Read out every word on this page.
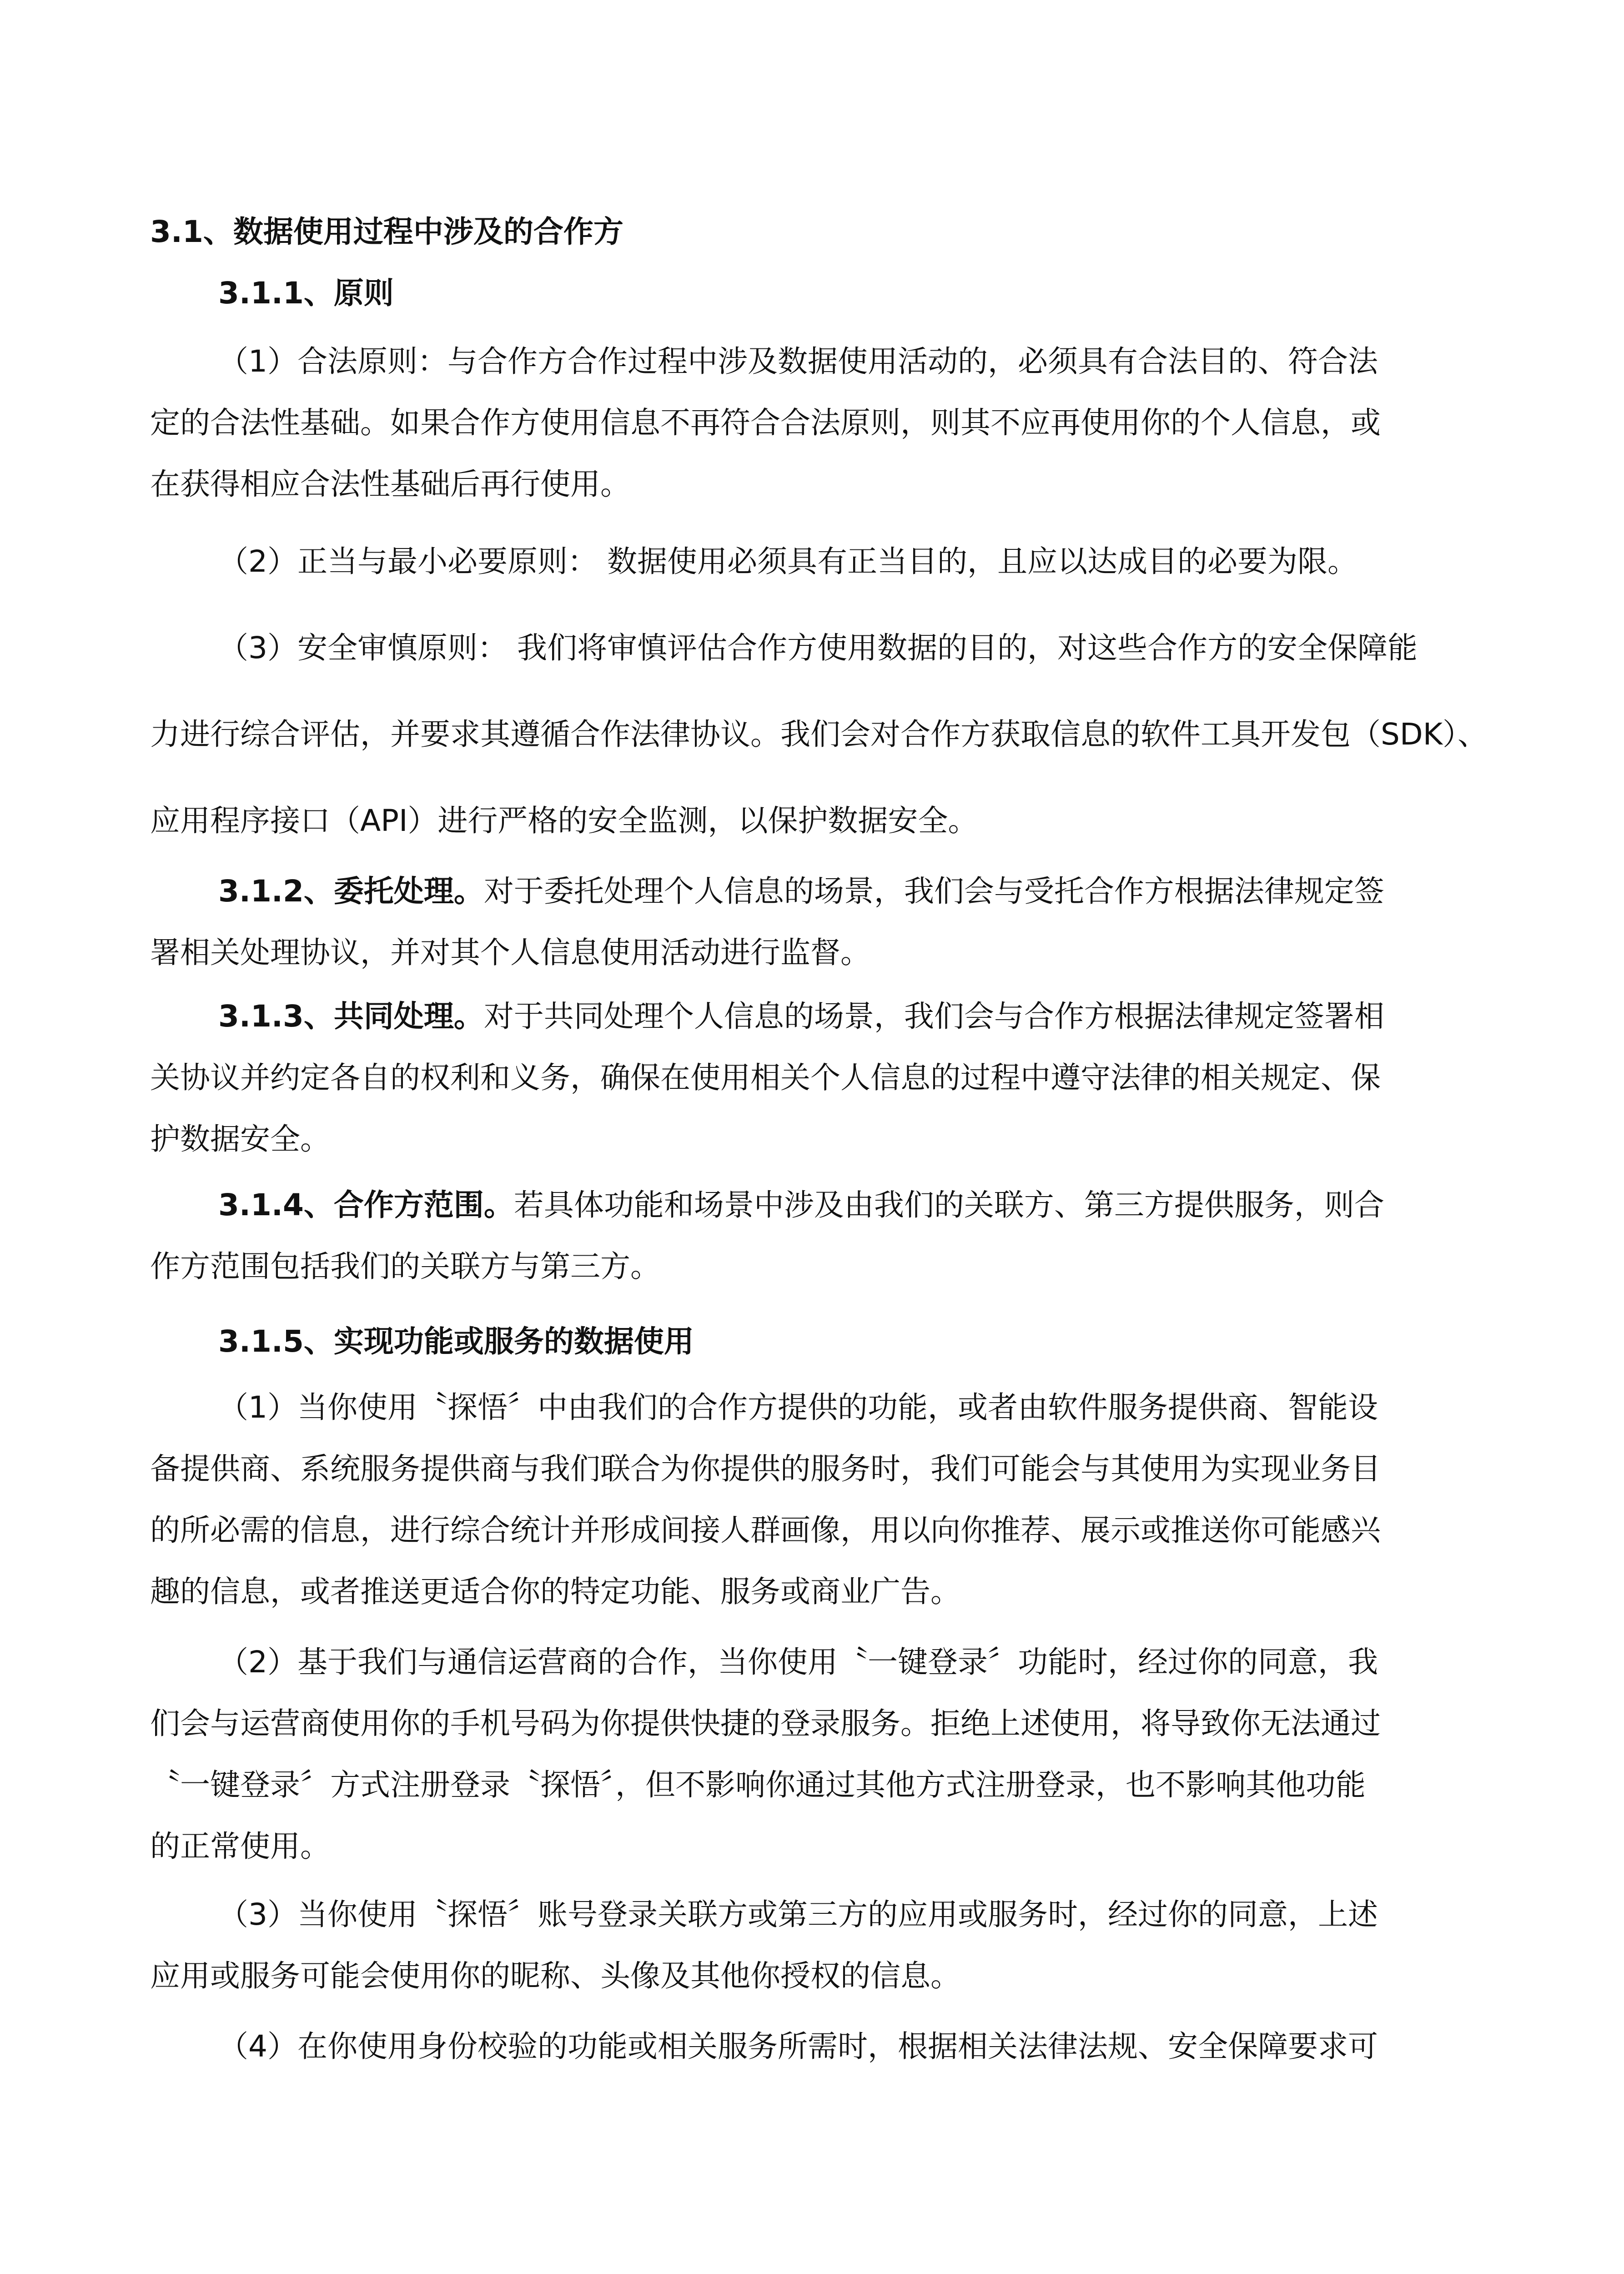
3.1、数据使用过程中涉及的合作方
3.1.1、原则
（1）合法原则：与合作方合作过程中涉及数据使用活动的，必须具有合法目的、符合法
定的合法性基础。如果合作方使用信息不再符合合法原则，则其不应再使用你的个人信息，或
在获得相应合法性基础后再行使用。
（2）正当与最小必要原则： 数据使用必须具有正当目的，且应以达成目的必要为限。
（3）安全审慎原则： 我们将审慎评估合作方使用数据的目的，对这些合作方的安全保障能
力进行综合评估，并要求其遵循合作法律协议。我们会对合作方获取信息的软件工具开发包（SDK）、
应用程序接口（API）进行严格的安全监测，以保护数据安全。
3.1.2、委托处理。对于委托处理个人信息的场景，我们会与受托合作方根据法律规定签
署相关处理协议，并对其个人信息使用活动进行监督。
3.1.3、共同处理。对于共同处理个人信息的场景，我们会与合作方根据法律规定签署相
关协议并约定各自的权利和义务，确保在使用相关个人信息的过程中遵守法律的相关规定、保
护数据安全。
3.1.4、合作方范围。若具体功能和场景中涉及由我们的关联方、第三方提供服务，则合
作方范围包括我们的关联方与第三方。
3.1.5、实现功能或服务的数据使用
（1）当你使用〝探悟〞中由我们的合作方提供的功能，或者由软件服务提供商、智能设
备提供商、系统服务提供商与我们联合为你提供的服务时，我们可能会与其使用为实现业务目
的所必需的信息，进行综合统计并形成间接人群画像，用以向你推荐、展示或推送你可能感兴
趣的信息，或者推送更适合你的特定功能、服务或商业广告。
（2）基于我们与通信运营商的合作，当你使用〝一键登录〞功能时，经过你的同意，我
们会与运营商使用你的手机号码为你提供快捷的登录服务。拒绝上述使用，将导致你无法通过
〝一键登录〞方式注册登录〝探悟〞，但不影响你通过其他方式注册登录，也不影响其他功能
的正常使用。
（3）当你使用〝探悟〞账号登录关联方或第三方的应用或服务时，经过你的同意，上述
应用或服务可能会使用你的昵称、头像及其他你授权的信息。
（4）在你使用身份校验的功能或相关服务所需时，根据相关法律法规、安全保障要求可
